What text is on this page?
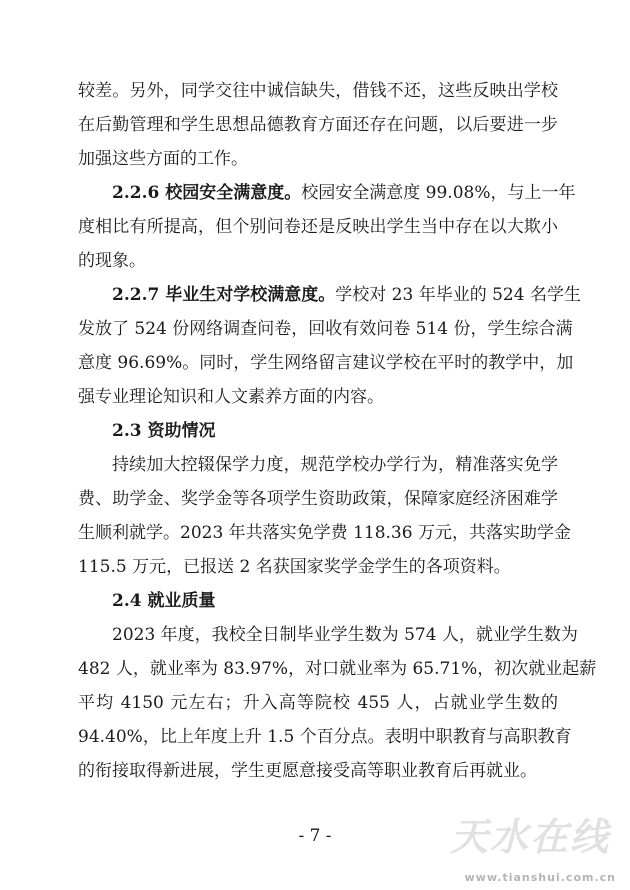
较差。另外，同学交往中诚信缺失，借钱不还，这些反映出学校
在后勤管理和学生思想品德教育方面还存在问题，以后要进一步
加强这些方面的工作。
2.2.6 校园安全满意度。校园安全满意度 99.08%，与上一年
度相比有所提高，但个别问卷还是反映出学生当中存在以大欺小
的现象。
2.2.7 毕业生对学校满意度。学校对 23 年毕业的 524 名学生
发放了 524 份网络调查问卷，回收有效问卷 514 份，学生综合满
意度 96.69%。同时，学生网络留言建议学校在平时的教学中，加
强专业理论知识和人文素养方面的内容。
2.3 资助情况
持续加大控辍保学力度，规范学校办学行为，精准落实免学
费、助学金、奖学金等各项学生资助政策，保障家庭经济困难学
生顺利就学。2023 年共落实免学费 118.36 万元，共落实助学金
115.5 万元，已报送 2 名获国家奖学金学生的各项资料。
2.4 就业质量
2023 年度，我校全日制毕业学生数为 574 人，就业学生数为
482 人，就业率为 83.97%，对口就业率为 65.71%，初次就业起薪
平均 4150 元左右；升入高等院校 455 人，占就业学生数的
94.40%，比上年度上升 1.5 个百分点。表明中职教育与高职教育
的衔接取得新进展，学生更愿意接受高等职业教育后再就业。
- 7 -	天水在线
www.tianshui.com.cn
